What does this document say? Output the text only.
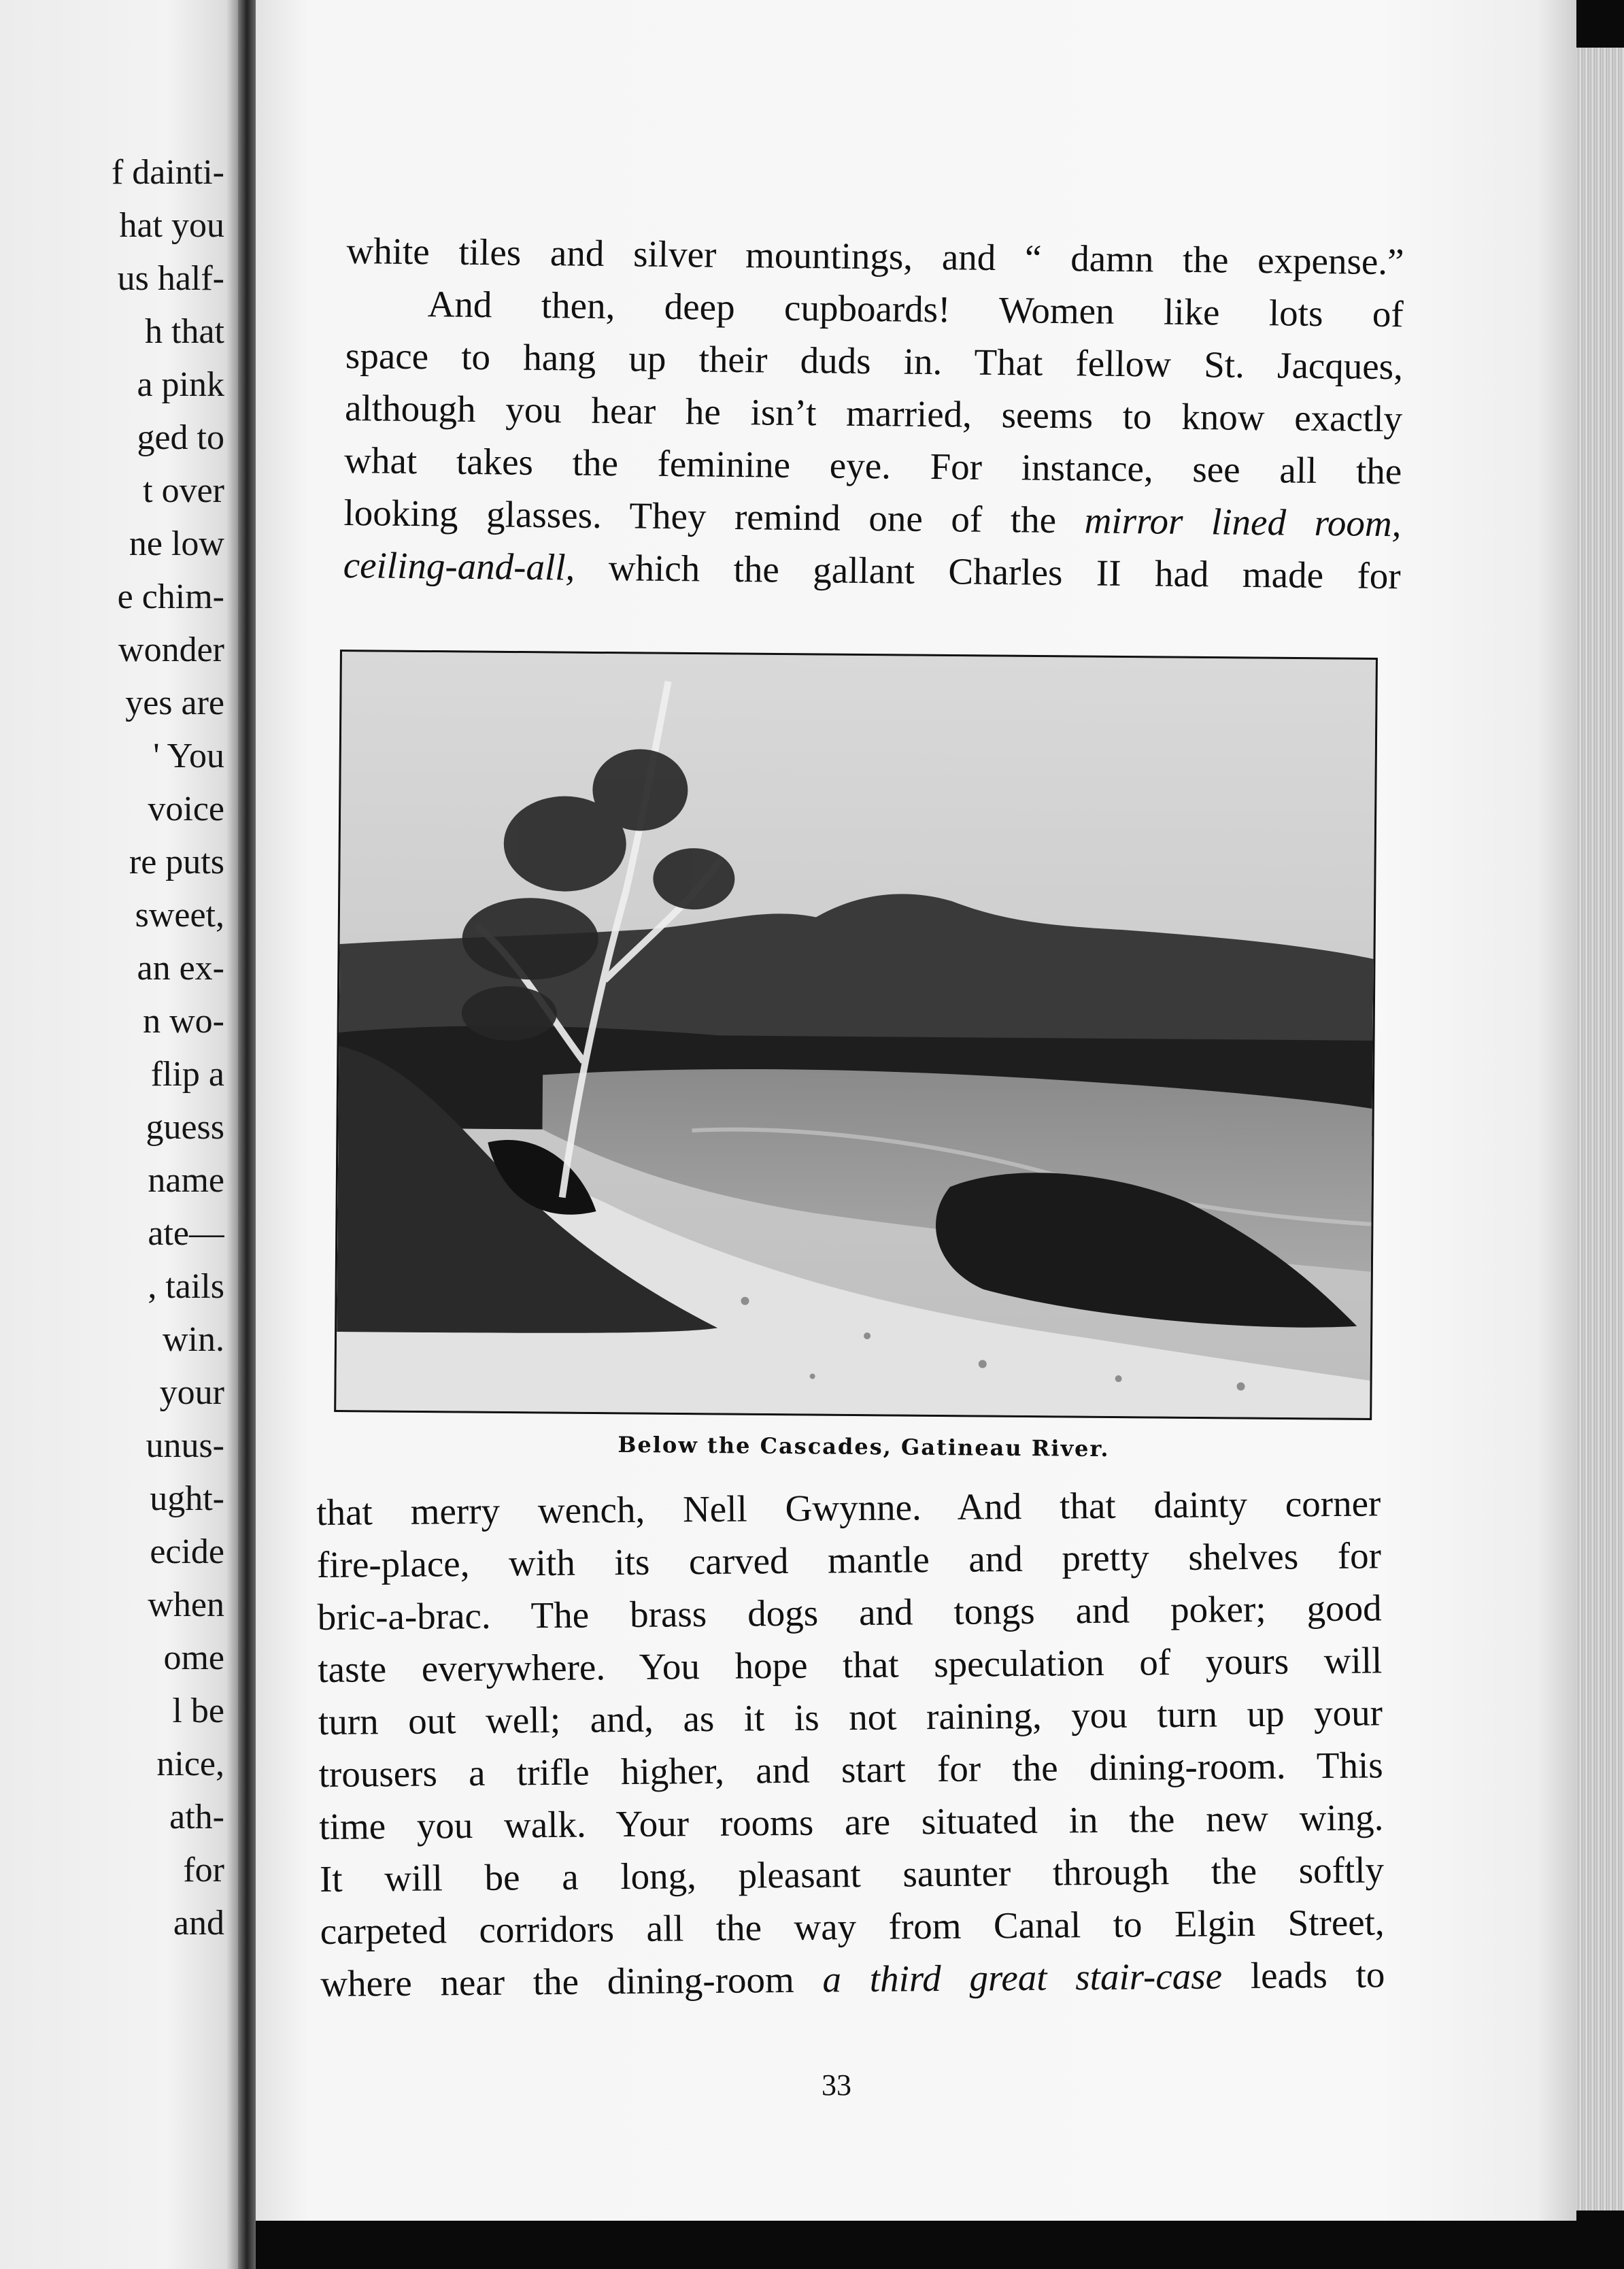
f dainti-
hat you
us half-
h that
a pink
ged to
t over
ne low
e chim-
wonder
yes are
' You
voice
re puts
sweet,
an ex-
n wo-
flip a
guess
name
ate—
, tails
win.
your
unus-
ught-
ecide
when
ome
l be
nice,
ath-
for
and
white tiles and silver mountings, and “ damn the expense.”
And then, deep cupboards! Women like lots of
space to hang up their duds in. That fellow St. Jacques,
although you hear he isn’t married, seems to know exactly
what takes the feminine eye. For instance, see all the
looking glasses. They remind one of the mirror lined room,
ceiling-and-all, which the gallant Charles II had made for
Below the Cascades, Gatineau River.
that merry wench, Nell Gwynne. And that dainty corner
fire-place, with its carved mantle and pretty shelves for
bric-a-brac. The brass dogs and tongs and poker; good
taste everywhere. You hope that speculation of yours will
turn out well; and, as it is not raining, you turn up your
trousers a trifle higher, and start for the dining-room. This
time you walk. Your rooms are situated in the new wing.
It will be a long, pleasant saunter through the softly
carpeted corridors all the way from Canal to Elgin Street,
where near the dining-room a third great stair-case leads to
33
